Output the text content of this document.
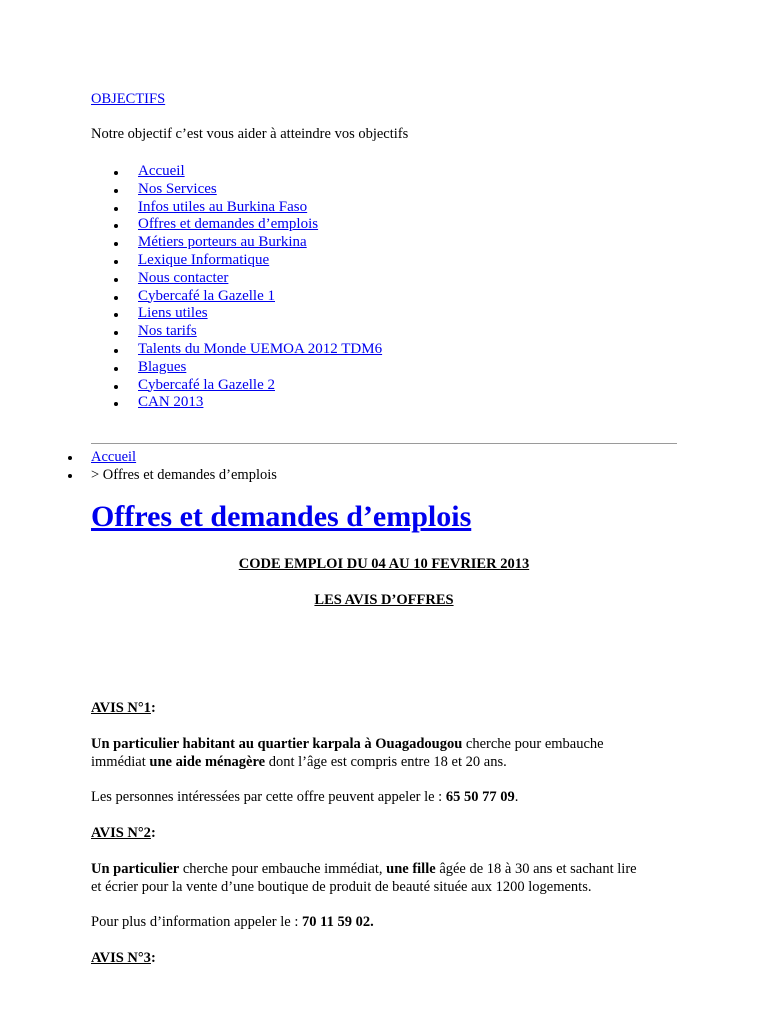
OBJECTIFS
Notre objectif c’est vous aider à atteindre vos objectifs
Accueil
Nos Services
Infos utiles au Burkina Faso
Offres et demandes d’emplois
Métiers porteurs au Burkina
Lexique Informatique
Nous contacter
Cybercafé la Gazelle 1
Liens utiles
Nos tarifs
Talents du Monde UEMOA 2012 TDM6
Blagues
Cybercafé la Gazelle 2
CAN 2013
Accueil
> Offres et demandes d’emplois
Offres et demandes d’emplois
CODE EMPLOI DU 04 AU 10 FEVRIER 2013
LES AVIS D’OFFRES
AVIS N°1:
Un particulier habitant au quartier karpala à Ouagadougou cherche pour embauche
immédiat une aide ménagère dont l’âge est compris entre 18 et 20 ans.
Les personnes intéressées par cette offre peuvent appeler le : 65 50 77 09.
AVIS N°2:
Un particulier cherche pour embauche immédiat, une fille âgée de 18 à 30 ans et sachant lire
et écrier pour la vente d’une boutique de produit de beauté située aux 1200 logements.
Pour plus d’information appeler le : 70 11 59 02.
AVIS N°3:
